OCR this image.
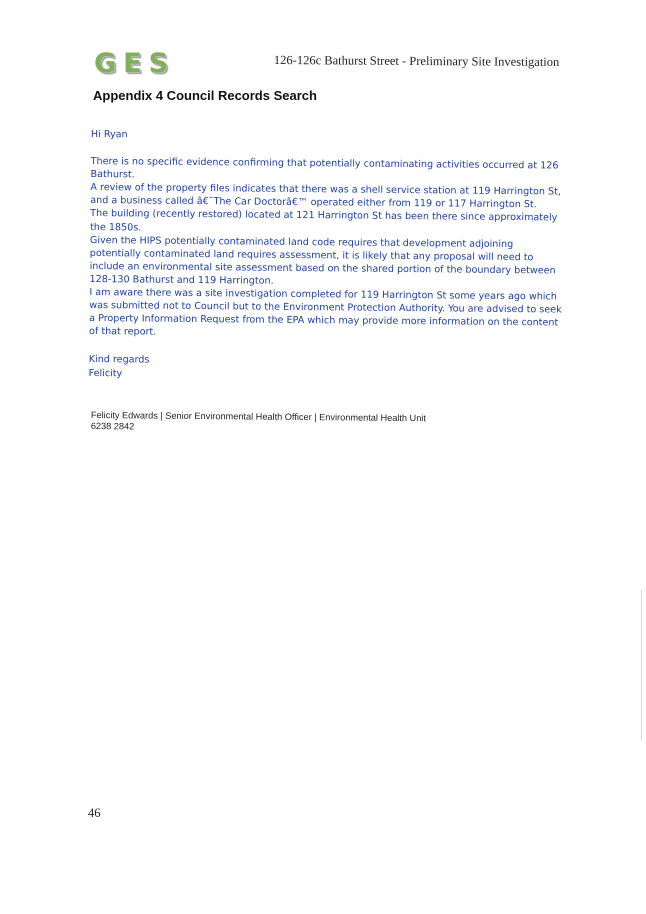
GES	126-126c Bathurst Street - Preliminary Site Investigation
Appendix 4 Council Records Search

Hi Ryan

There is no specific evidence confirming that potentially contaminating activities occurred at 126 Bathurst.

A review of the property files indicates that there was a shell service station at 119 Harrington St, and a business called â€˜The Car Doctorâ€™ operated either from 119 or 117 Harrington St.

The building (recently restored) located at 121 Harrington St has been there since approximately the 1850s.

Given the HIPS potentially contaminated land code requires that development adjoining potentially contaminated land requires assessment, it is likely that any proposal will need to include an environmental site assessment based on the shared portion of the boundary between 128-130 Bathurst and 119 Harrington.

I am aware there was a site investigation completed for 119 Harrington St some years ago which was submitted not to Council but to the Environment Protection Authority. You are advised to seek a Property Information Request from the EPA which may provide more information on the content of that report.

Kind regards

Felicity

Felicity Edwards | Senior Environmental Health Officer | Environmental Health Unit

6238 2842

46
